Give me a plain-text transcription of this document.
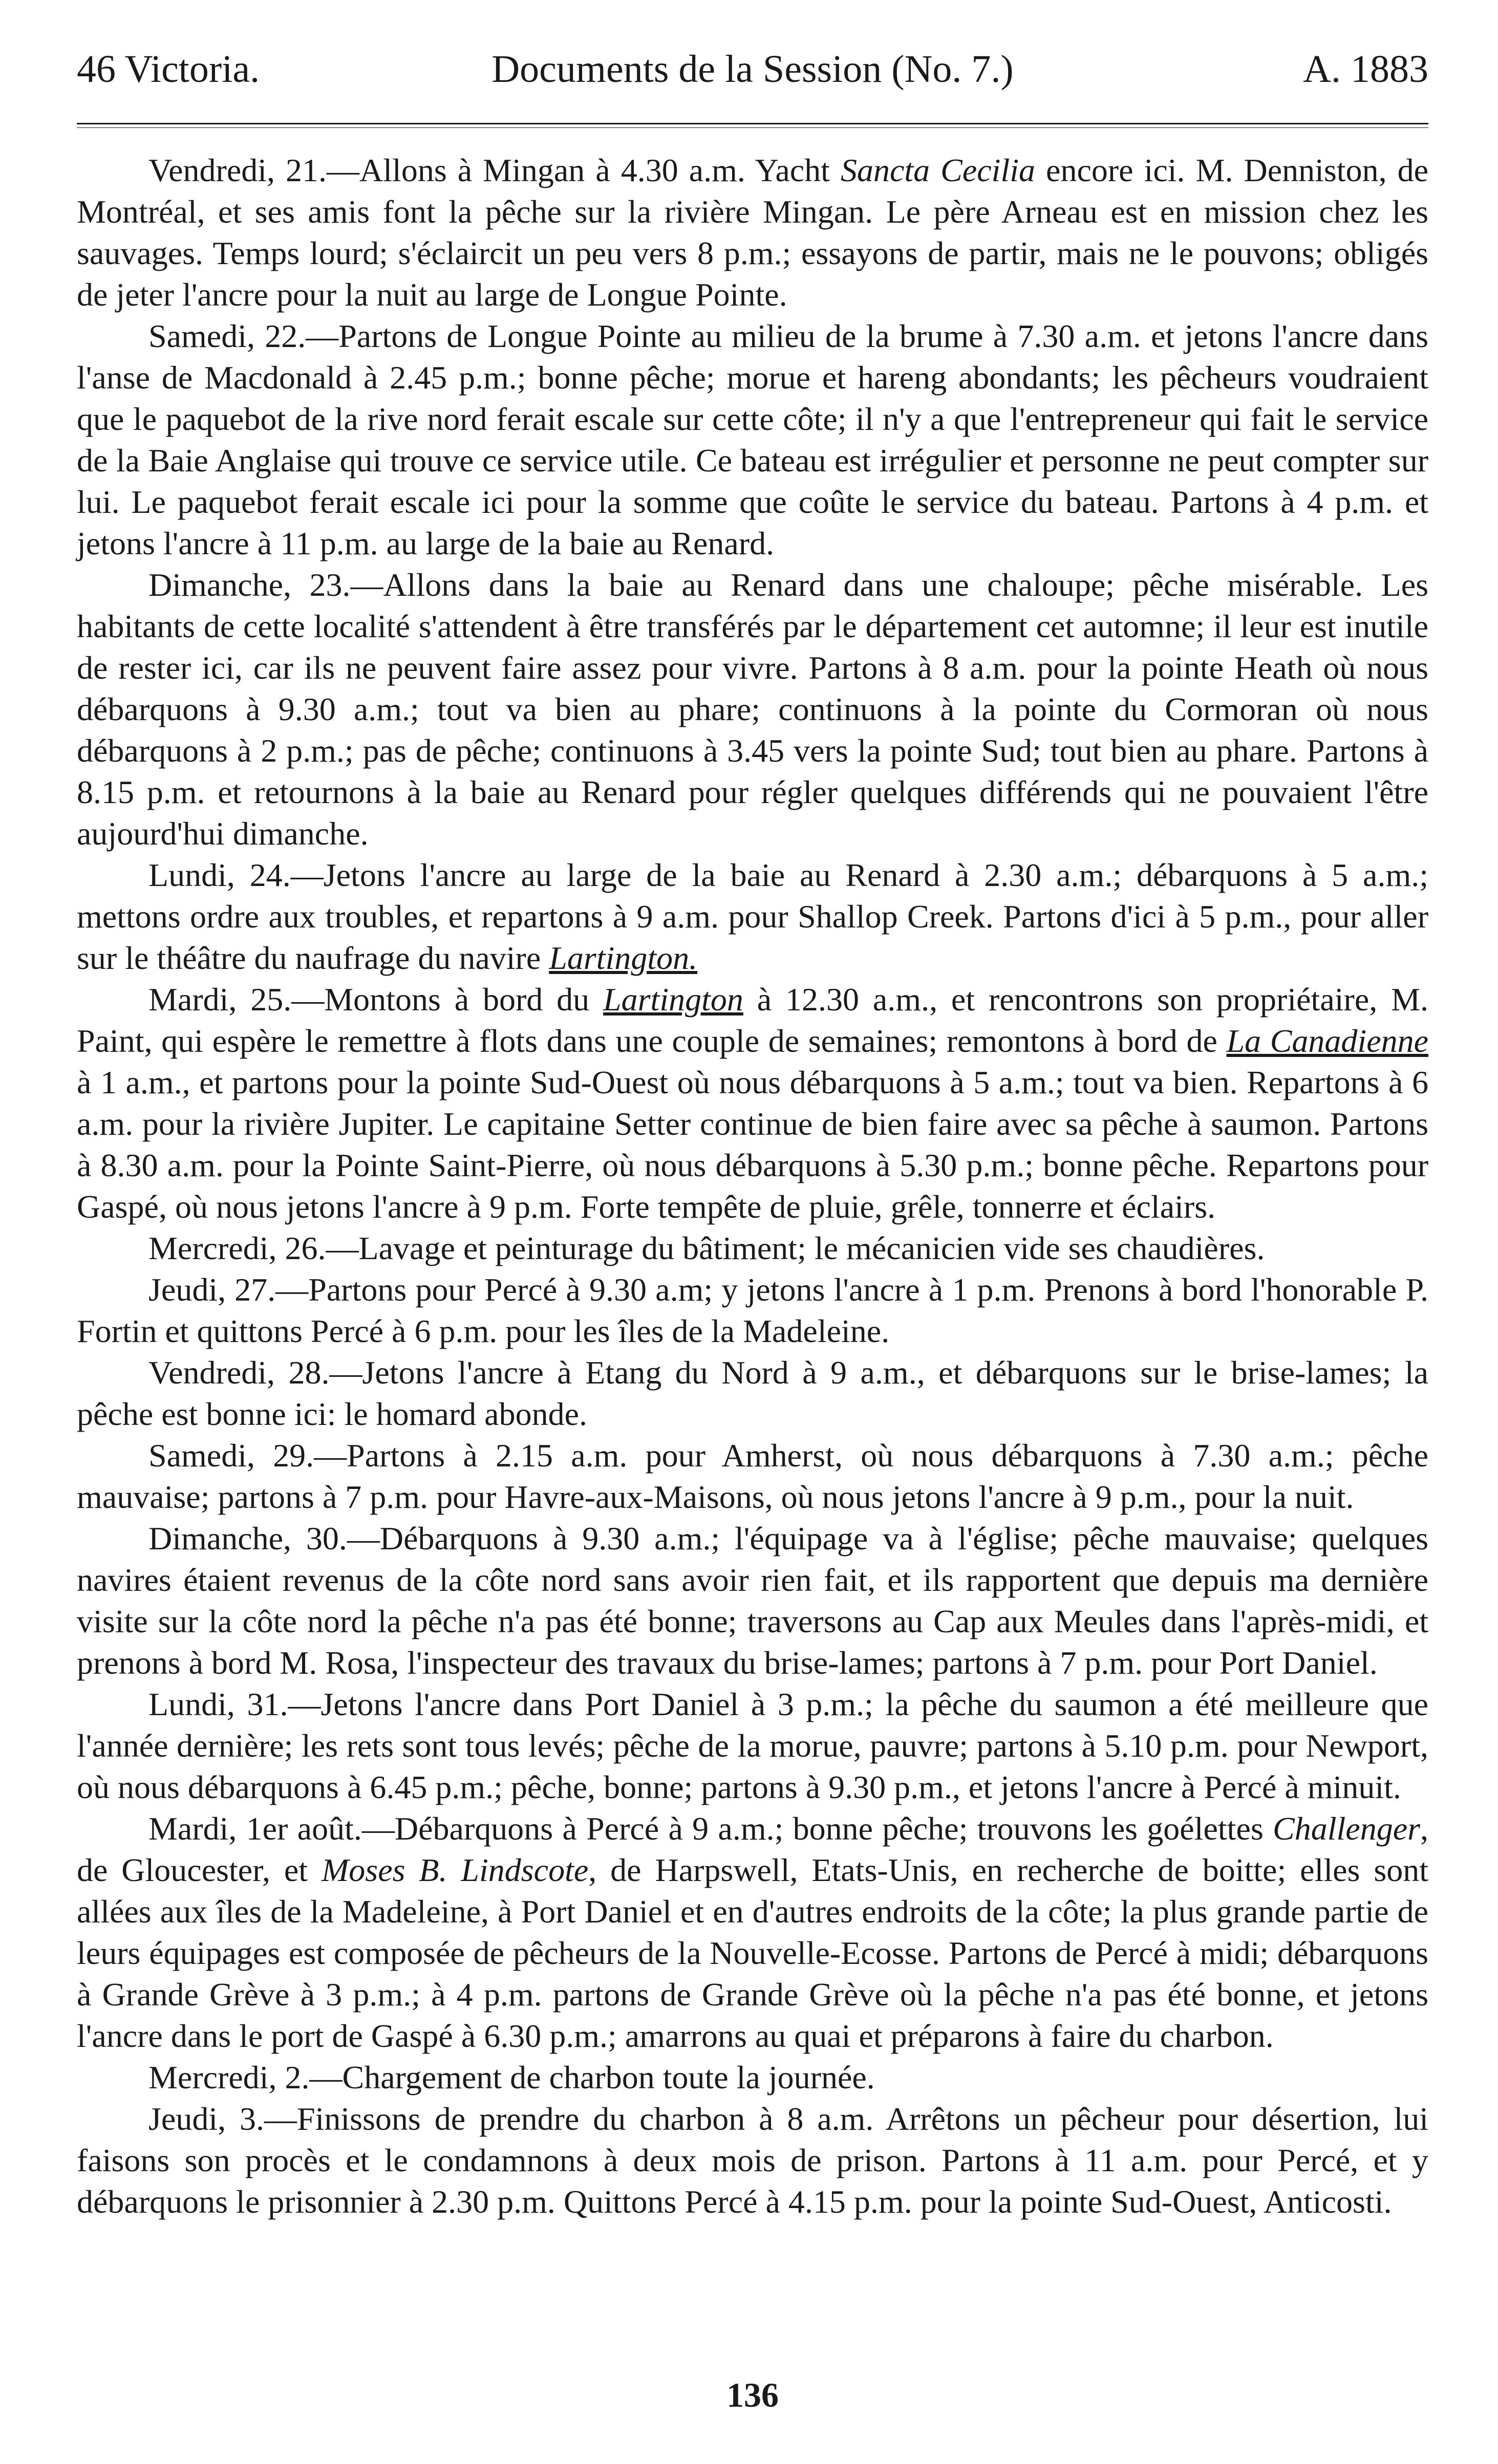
46 Victoria.	Documents de la Session (No. 7.)	A. 1883

Vendredi, 21.—Allons à Mingan à 4.30 a.m. Yacht Sancta Cecilia encore ici. M. Denniston, de Montréal, et ses amis font la pêche sur la rivière Mingan. Le père Arneau est en mission chez les sauvages. Temps lourd; s'éclaircit un peu vers 8 p.m.; essayons de partir, mais ne le pouvons; obligés de jeter l'ancre pour la nuit au large de Longue Pointe.

Samedi, 22.—Partons de Longue Pointe au milieu de la brume à 7.30 a.m. et jetons l'ancre dans l'anse de Macdonald à 2.45 p.m.; bonne pêche; morue et hareng abondants; les pêcheurs voudraient que le paquebot de la rive nord ferait escale sur cette côte; il n'y a que l'entrepreneur qui fait le service de la Baie Anglaise qui trouve ce service utile. Ce bateau est irrégulier et personne ne peut compter sur lui. Le paquebot ferait escale ici pour la somme que coûte le service du bateau. Partons à 4 p.m. et jetons l'ancre à 11 p.m. au large de la baie au Renard.

Dimanche, 23.—Allons dans la baie au Renard dans une chaloupe; pêche misérable. Les habitants de cette localité s'attendent à être transférés par le département cet automne; il leur est inutile de rester ici, car ils ne peuvent faire assez pour vivre. Partons à 8 a.m. pour la pointe Heath où nous débarquons à 9.30 a.m.; tout va bien au phare; continuons à la pointe du Cormoran où nous débarquons à 2 p.m.; pas de pêche; continuons à 3.45 vers la pointe Sud; tout bien au phare. Partons à 8.15 p.m. et retournons à la baie au Renard pour régler quelques différends qui ne pouvaient l'être aujourd'hui dimanche.

Lundi, 24.—Jetons l'ancre au large de la baie au Renard à 2.30 a.m.; débarquons à 5 a.m.; mettons ordre aux troubles, et repartons à 9 a.m. pour Shallop Creek. Partons d'ici à 5 p.m., pour aller sur le théâtre du naufrage du navire Lartington.

Mardi, 25.—Montons à bord du Lartington à 12.30 a.m., et rencontrons son propriétaire, M. Paint, qui espère le remettre à flots dans une couple de semaines; remontons à bord de La Canadienne à 1 a.m., et partons pour la pointe Sud-Ouest où nous débarquons à 5 a.m.; tout va bien. Repartons à 6 a.m. pour la rivière Jupiter. Le capitaine Setter continue de bien faire avec sa pêche à saumon. Partons à 8.30 a.m. pour la Pointe Saint-Pierre, où nous débarquons à 5.30 p.m.; bonne pêche. Repartons pour Gaspé, où nous jetons l'ancre à 9 p.m. Forte tempête de pluie, grêle, tonnerre et éclairs.

Mercredi, 26.—Lavage et peinturage du bâtiment; le mécanicien vide ses chaudières.

Jeudi, 27.—Partons pour Percé à 9.30 a.m; y jetons l'ancre à 1 p.m. Prenons à bord l'honorable P. Fortin et quittons Percé à 6 p.m. pour les îles de la Madeleine.

Vendredi, 28.—Jetons l'ancre à Etang du Nord à 9 a.m., et débarquons sur le brise-lames; la pêche est bonne ici: le homard abonde.

Samedi, 29.—Partons à 2.15 a.m. pour Amherst, où nous débarquons à 7.30 a.m.; pêche mauvaise; partons à 7 p.m. pour Havre-aux-Maisons, où nous jetons l'ancre à 9 p.m., pour la nuit.

Dimanche, 30.—Débarquons à 9.30 a.m.; l'équipage va à l'église; pêche mauvaise; quelques navires étaient revenus de la côte nord sans avoir rien fait, et ils rapportent que depuis ma dernière visite sur la côte nord la pêche n'a pas été bonne; traversons au Cap aux Meules dans l'après-midi, et prenons à bord M. Rosa, l'inspecteur des travaux du brise-lames; partons à 7 p.m. pour Port Daniel.

Lundi, 31.—Jetons l'ancre dans Port Daniel à 3 p.m.; la pêche du saumon a été meilleure que l'année dernière; les rets sont tous levés; pêche de la morue, pauvre; partons à 5.10 p.m. pour Newport, où nous débarquons à 6.45 p.m.; pêche, bonne; partons à 9.30 p.m., et jetons l'ancre à Percé à minuit.

Mardi, 1er août.—Débarquons à Percé à 9 a.m.; bonne pêche; trouvons les goélettes Challenger, de Gloucester, et Moses B. Lindscote, de Harpswell, Etats-Unis, en recherche de boitte; elles sont allées aux îles de la Madeleine, à Port Daniel et en d'autres endroits de la côte; la plus grande partie de leurs équipages est composée de pêcheurs de la Nouvelle-Ecosse. Partons de Percé à midi; débarquons à Grande Grève à 3 p.m.; à 4 p.m. partons de Grande Grève où la pêche n'a pas été bonne, et jetons l'ancre dans le port de Gaspé à 6.30 p.m.; amarrons au quai et préparons à faire du charbon.

Mercredi, 2.—Chargement de charbon toute la journée.

Jeudi, 3.—Finissons de prendre du charbon à 8 a.m. Arrêtons un pêcheur pour désertion, lui faisons son procès et le condamnons à deux mois de prison. Partons à 11 a.m. pour Percé, et y débarquons le prisonnier à 2.30 p.m. Quittons Percé à 4.15 p.m. pour la pointe Sud-Ouest, Anticosti.

136
